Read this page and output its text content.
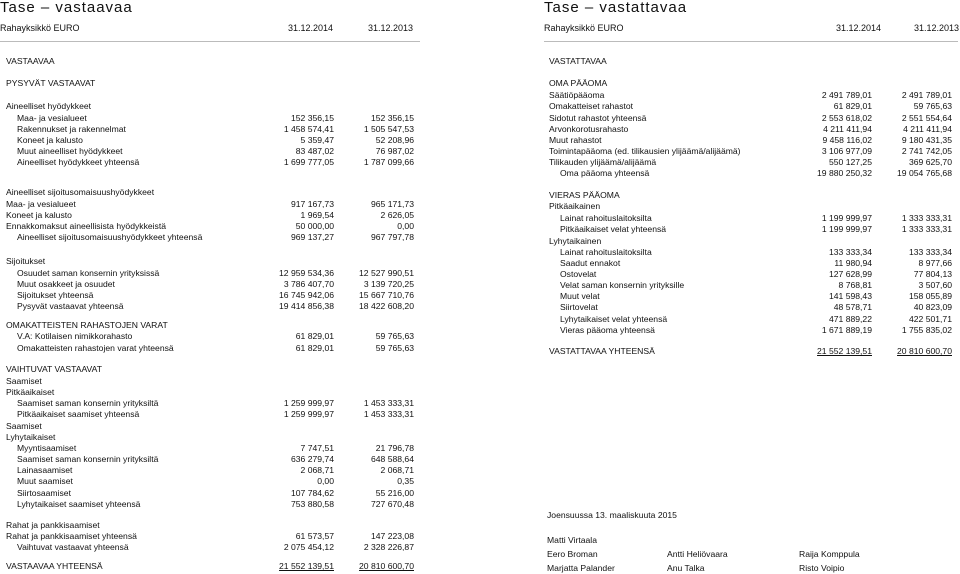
Tase – vastaavaa
Rahayksikkö EURO	31.12.2014	31.12.2013
VASTAAVAA
PYSYVÄT VASTAAVAT
Aineelliset hyödykkeet
Maa- ja vesialueet	152 356,15	152 356,15
Rakennukset ja rakennelmat	1 458 574,41	1 505 547,53
Koneet ja kalusto	5 359,47	52 208,96
Muut aineelliset hyödykkeet	83 487,02	76 987,02
Aineelliset hyödykkeet yhteensä	1 699 777,05	1 787 099,66
Aineelliset sijoitusomaisuushyödykkeet
Maa- ja vesialueet	917 167,73	965 171,73
Koneet ja kalusto	1 969,54	2 626,05
Ennakkomaksut aineellisista hyödykkeistä	50 000,00	0,00
Aineelliset sijoitusomaisuushyödykkeet yhteensä	969 137,27	967 797,78
Sijoitukset
Osuudet saman konsernin yrityksissä	12 959 534,36	12 527 990,51
Muut osakkeet ja osuudet	3 786 407,70	3 139 720,25
Sijoitukset yhteensä	16 745 942,06	15 667 710,76
Pysyvät vastaavat yhteensä	19 414 856,38	18 422 608,20
OMAKATTEISTEN RAHASTOJEN VARAT
V.A: Kotilaisen nimikkorahasto	61 829,01	59 765,63
Omakatteisten rahastojen varat yhteensä	61 829,01	59 765,63
VAIHTUVAT VASTAAVAT
Saamiset
Pitkäaikaiset
Saamiset saman konsernin yrityksiltä	1 259 999,97	1 453 333,31
Pitkäaikaiset saamiset yhteensä	1 259 999,97	1 453 333,31
Saamiset
Lyhytaikaiset
Myyntisaamiset	7 747,51	21 796,78
Saamiset saman konsernin yrityksiltä	636 279,74	648 588,64
Lainasaamiset	2 068,71	2 068,71
Muut saamiset	0,00	0,35
Siirtosaamiset	107 784,62	55 216,00
Lyhytaikaiset saamiset yhteensä	753 880,58	727 670,48
Rahat ja pankkisaamiset
Rahat ja pankkisaamiset yhteensä	61 573,57	147 223,08
Vaihtuvat vastaavat yhteensä	2 075 454,12	2 328 226,87
VASTAAVAA YHTEENSÄ	21 552 139,51	20 810 600,70
Tase – vastattavaa
Rahayksikkö EURO	31.12.2014	31.12.2013
VASTATTAVAA
OMA PÄÄOMA
Säätiöpääoma	2 491 789,01	2 491 789,01
Omakatteiset rahastot	61 829,01	59 765,63
Sidotut rahastot yhteensä	2 553 618,02	2 551 554,64
Arvonkorotusrahasto	4 211 411,94	4 211 411,94
Muut rahastot	9 458 116,02	9 180 431,35
Toimintapääoma (ed. tilikausien ylijäämä/alijäämä)	3 106 977,09	2 741 742,05
Tilikauden ylijäämä/alijäämä	550 127,25	369 625,70
Oma pääoma yhteensä	19 880 250,32	19 054 765,68
VIERAS PÄÄOMA
Pitkäaikainen
Lainat rahoituslaitoksilta	1 199 999,97	1 333 333,31
Pitkäaikaiset velat yhteensä	1 199 999,97	1 333 333,31
Lyhytaikainen
Lainat rahoituslaitoksilta	133 333,34	133 333,34
Saadut ennakot	11 980,94	8 977,66
Ostovelat	127 628,99	77 804,13
Velat saman konsernin yrityksille	8 768,81	3 507,60
Muut velat	141 598,43	158 055,89
Siirtovelat	48 578,71	40 823,09
Lyhytaikaiset velat yhteensä	471 889,22	422 501,71
Vieras pääoma yhteensä	1 671 889,19	1 755 835,02
VASTATTAVAA YHTEENSÄ	21 552 139,51	20 810 600,70
Joensuussa 13. maaliskuuta 2015
Matti Virtaala
Eero Broman	Antti Heliövaara	Raija Komppula
Marjatta Palander	Anu Talka	Risto Voipio
